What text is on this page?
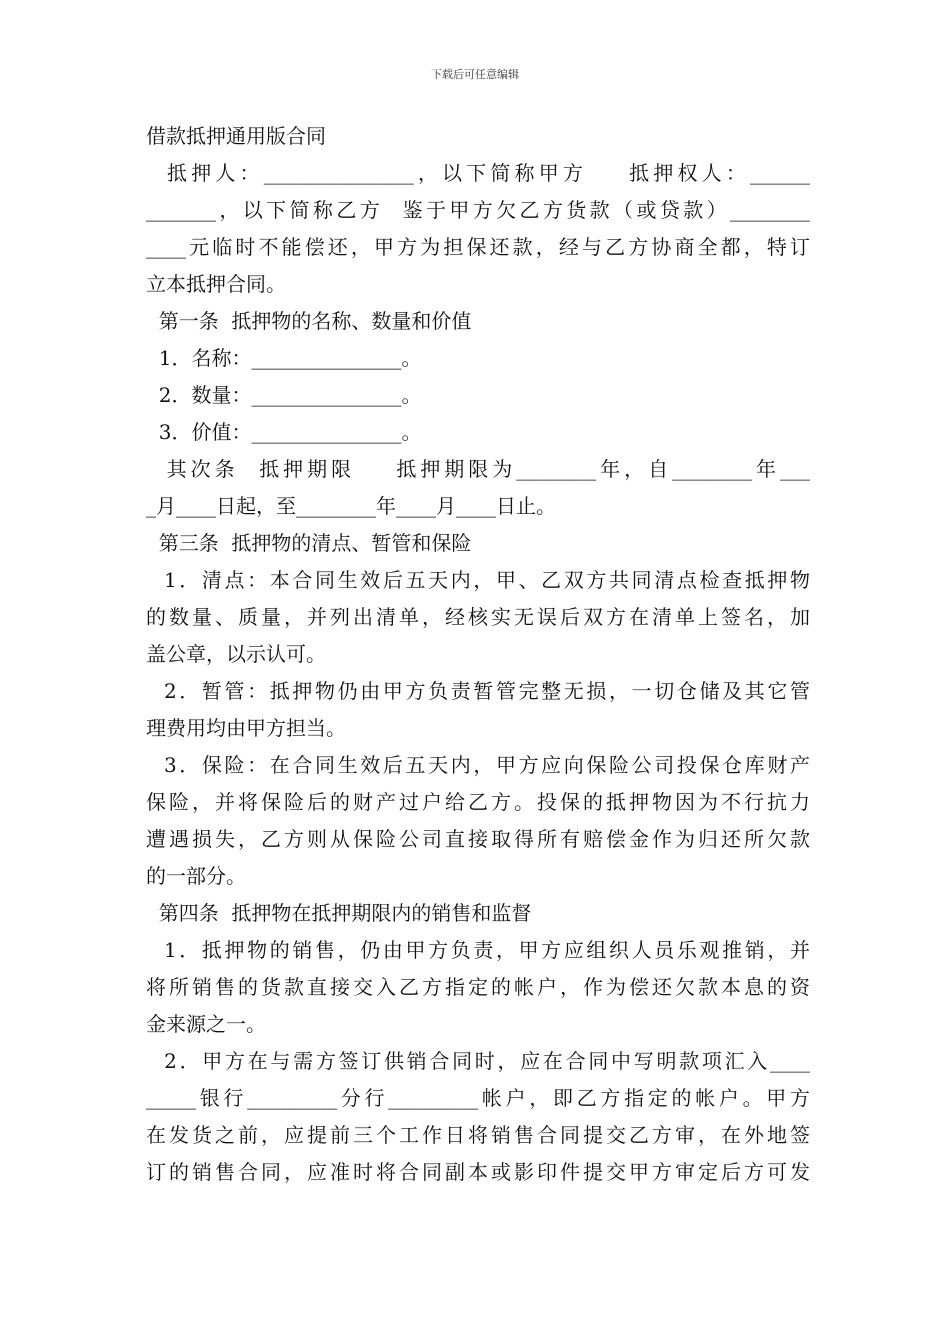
下载后可任意编辑
借款抵押通用版合同
抵押人：_______________，以下简称甲方    抵押权人：______
_______，以下简称乙方  鉴于甲方欠乙方货款（或贷款）________
____元临时不能偿还，甲方为担保还款，经与乙方协商全都，特订
立本抵押合同。
第一条  抵押物的名称、数量和价值
1．名称：_______________。
2．数量：_______________。
3．价值：_______________。
其次条  抵押期限    抵押期限为________年，自________年___
_月____日起，至________年____月____日止。
第三条  抵押物的清点、暂管和保险
1．清点：本合同生效后五天内，甲、乙双方共同清点检查抵押物
的数量、质量，并列出清单，经核实无误后双方在清单上签名，加
盖公章，以示认可。
2．暂管：抵押物仍由甲方负责暂管完整无损，一切仓储及其它管
理费用均由甲方担当。
3．保险：在合同生效后五天内，甲方应向保险公司投保仓库财产
保险，并将保险后的财产过户给乙方。投保的抵押物因为不行抗力
遭遇损失，乙方则从保险公司直接取得所有赔偿金作为归还所欠款
的一部分。
第四条  抵押物在抵押期限内的销售和监督
1．抵押物的销售，仍由甲方负责，甲方应组织人员乐观推销，并
将所销售的货款直接交入乙方指定的帐户，作为偿还欠款本息的资
金来源之一。
2．甲方在与需方签订供销合同时，应在合同中写明款项汇入____
_____银行_________分行_________帐户，即乙方指定的帐户。甲方
在发货之前，应提前三个工作日将销售合同提交乙方审，在外地签
订的销售合同，应准时将合同副本或影印件提交甲方审定后方可发
